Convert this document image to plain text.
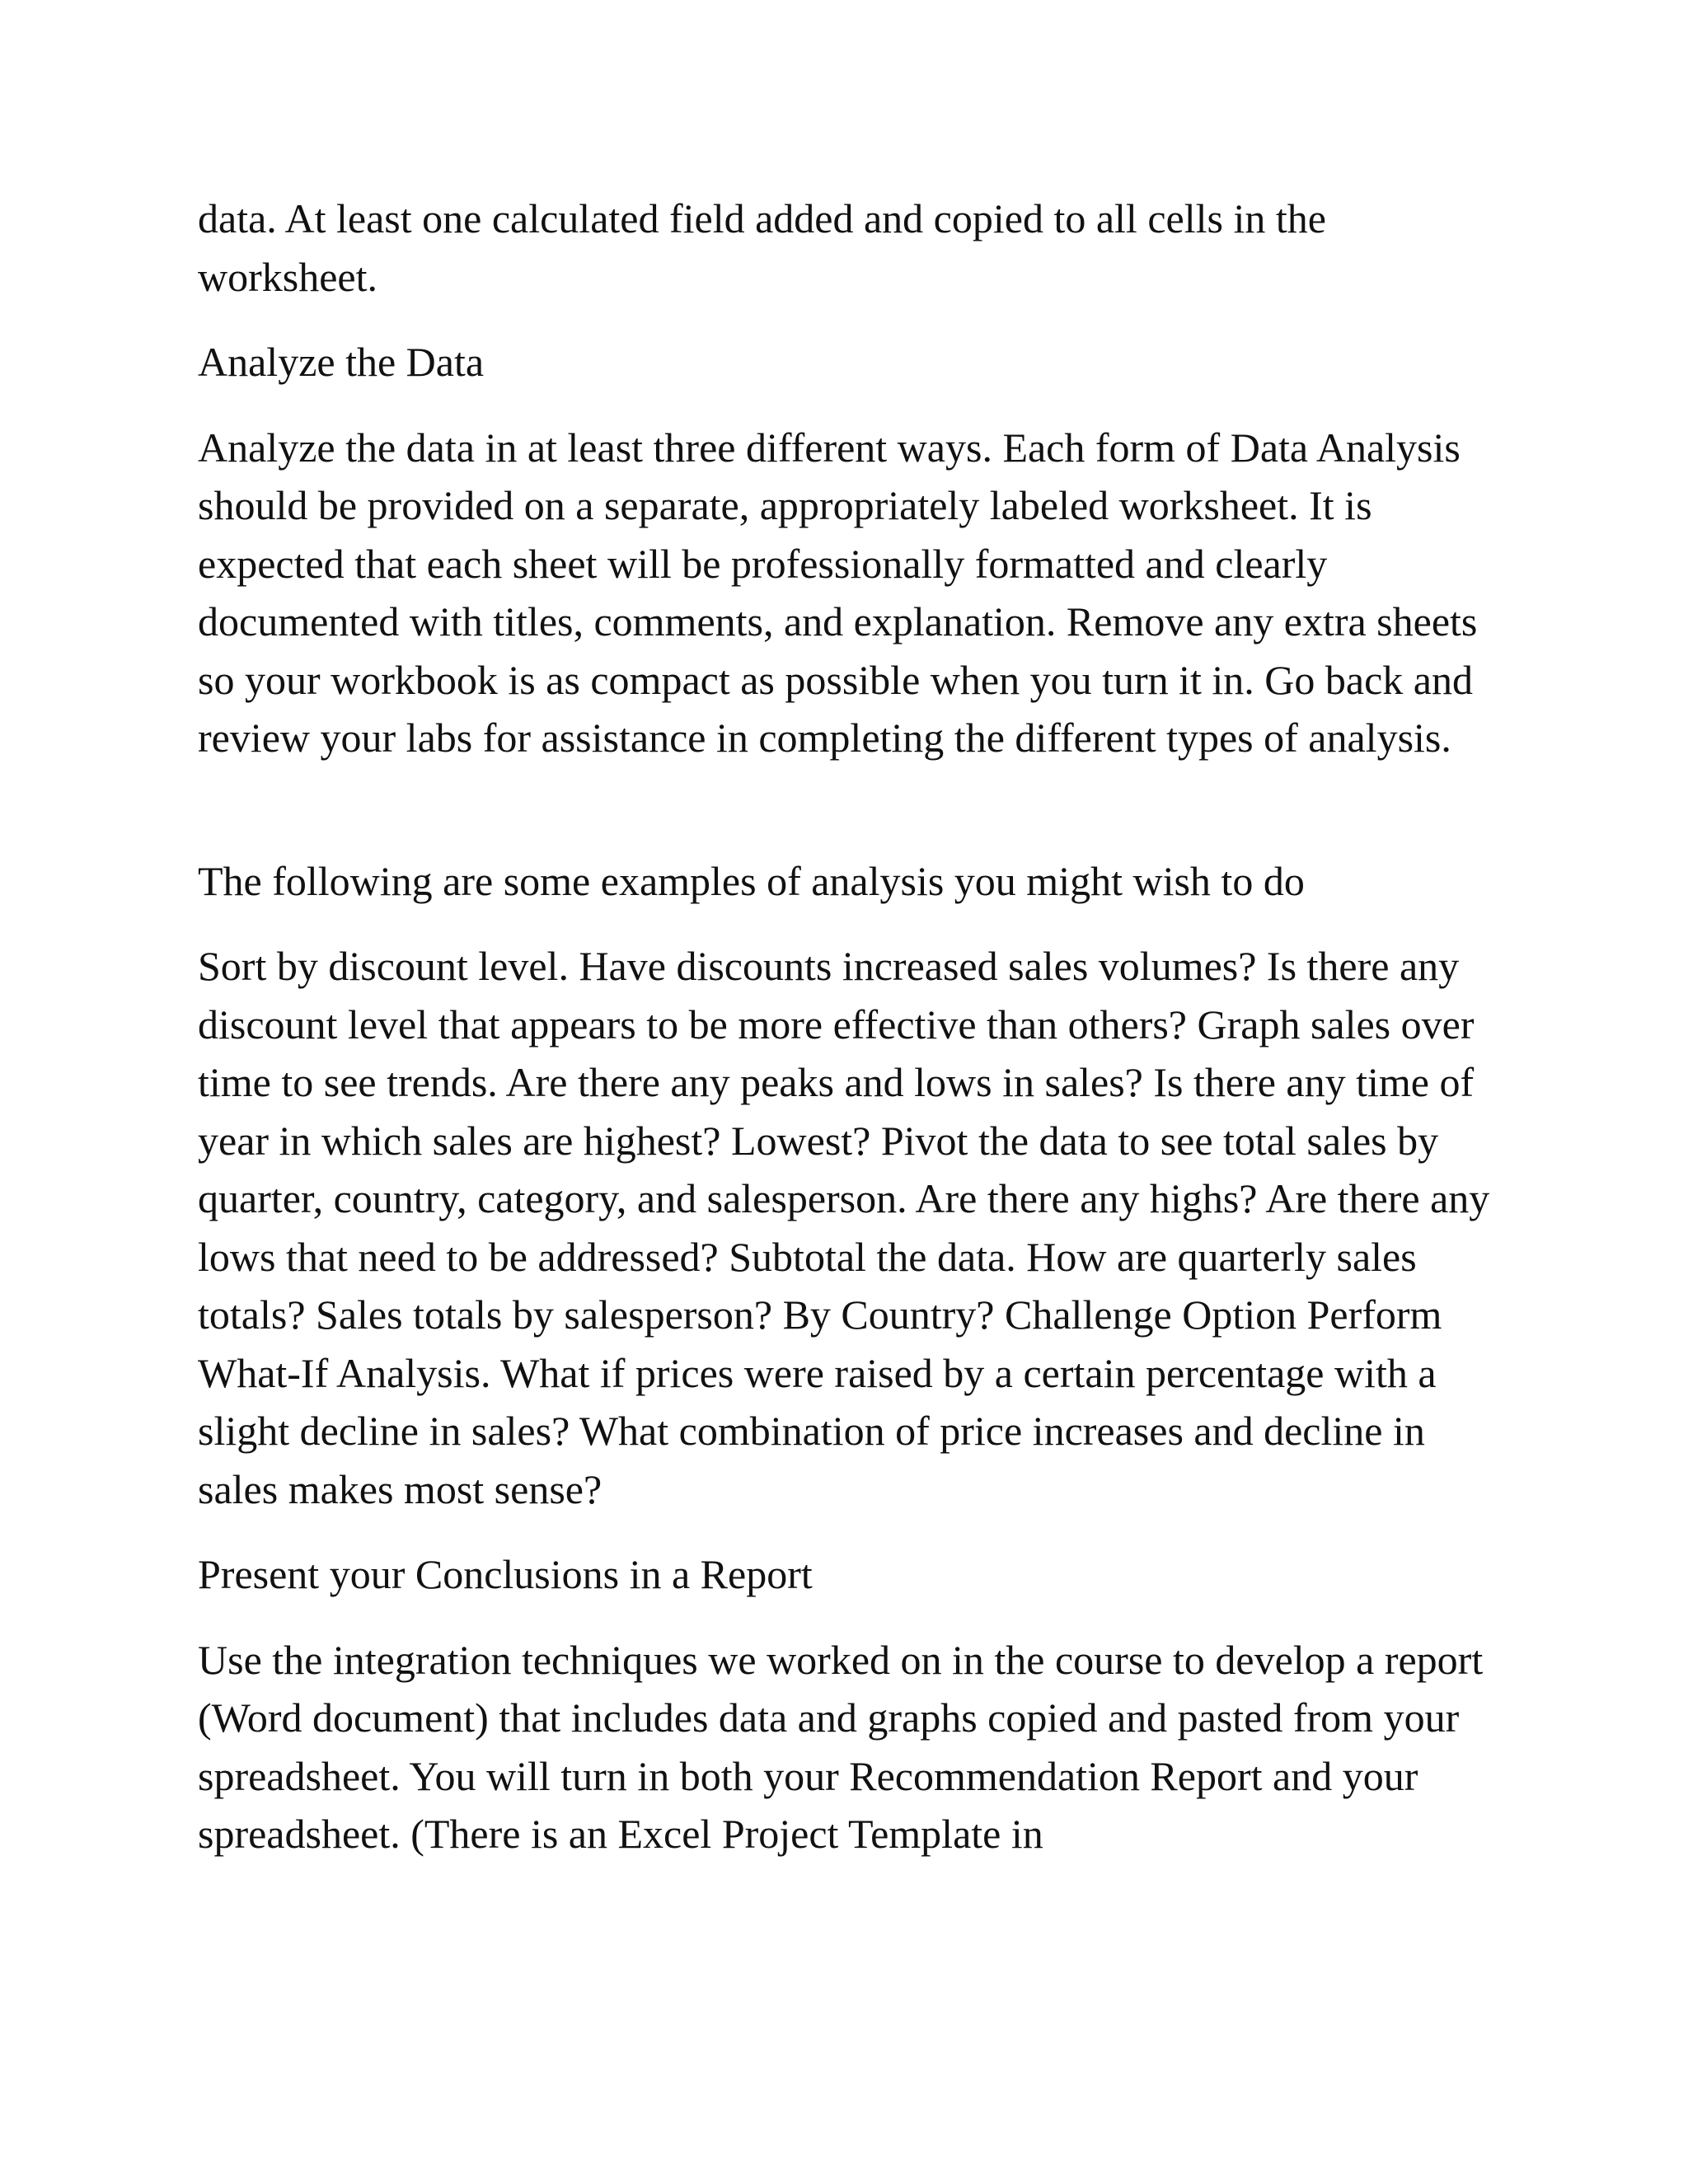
data. At least one calculated field added and copied to all cells in the worksheet.

Analyze the Data

Analyze the data in at least three different ways. Each form of Data Analysis should be provided on a separate, appropriately labeled worksheet. It is expected that each sheet will be professionally formatted and clearly documented with titles, comments, and explanation. Remove any extra sheets so your workbook is as compact as possible when you turn it in. Go back and review your labs for assistance in completing the different types of analysis.

The following are some examples of analysis you might wish to do

Sort by discount level. Have discounts increased sales volumes? Is there any discount level that appears to be more effective than others? Graph sales over time to see trends. Are there any peaks and lows in sales? Is there any time of year in which sales are highest? Lowest? Pivot the data to see total sales by quarter, country, category, and salesperson. Are there any highs? Are there any lows that need to be addressed? Subtotal the data. How are quarterly sales totals? Sales totals by salesperson? By Country? Challenge Option Perform What-If Analysis. What if prices were raised by a certain percentage with a slight decline in sales? What combination of price increases and decline in sales makes most sense?

Present your Conclusions in a Report

Use the integration techniques we worked on in the course to develop a report (Word document) that includes data and graphs copied and pasted from your spreadsheet. You will turn in both your Recommendation Report and your spreadsheet. (There is an Excel Project Template in
